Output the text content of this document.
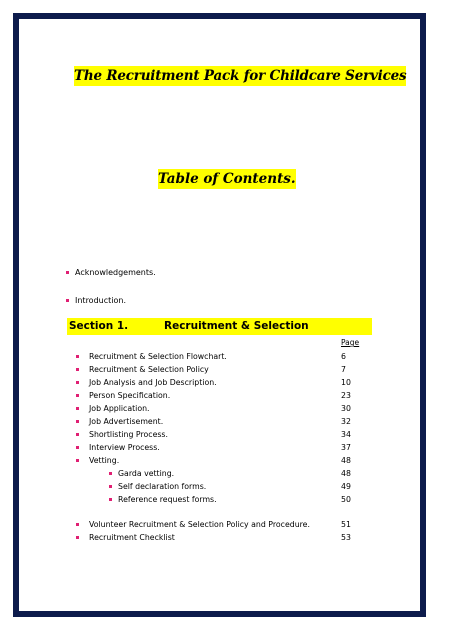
The Recruitment Pack for Childcare Services
Table of Contents.
Acknowledgements.
Introduction.
Section 1.	Recruitment & Selection
Page
Recruitment & Selection Flowchart.	6
Recruitment & Selection Policy	7
Job Analysis and Job Description.	10
Person Specification.	23
Job Application.	30
Job Advertisement.	32
Shortlisting Process.	34
Interview Process.	37
Vetting.	48
Garda vetting.	48
Self declaration forms.	49
Reference request forms.	50
Volunteer Recruitment & Selection Policy and Procedure.	51
Recruitment Checklist	53
